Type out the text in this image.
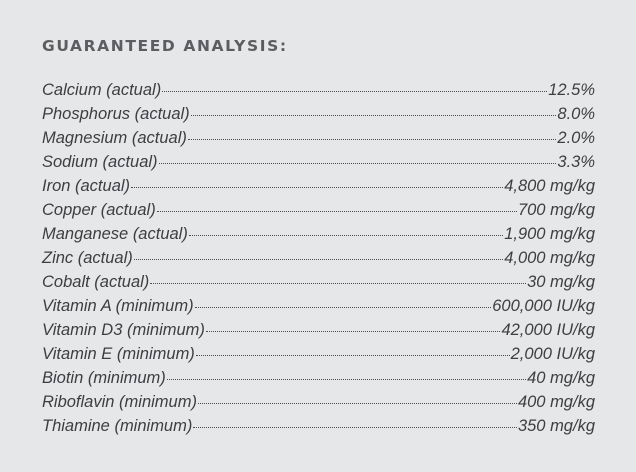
GUARANTEED ANALYSIS:
Calcium (actual)	12.5%
Phosphorus (actual)	8.0%
Magnesium (actual)	2.0%
Sodium (actual)	3.3%
Iron (actual)	4,800 mg/kg
Copper (actual)	700 mg/kg
Manganese (actual)	1,900 mg/kg
Zinc (actual)	4,000 mg/kg
Cobalt (actual)	30 mg/kg
Vitamin A (minimum)	600,000 IU/kg
Vitamin D3 (minimum)	42,000 IU/kg
Vitamin E (minimum)	2,000 IU/kg
Biotin (minimum)	40 mg/kg
Riboflavin (minimum)	400 mg/kg
Thiamine (minimum)	350 mg/kg
